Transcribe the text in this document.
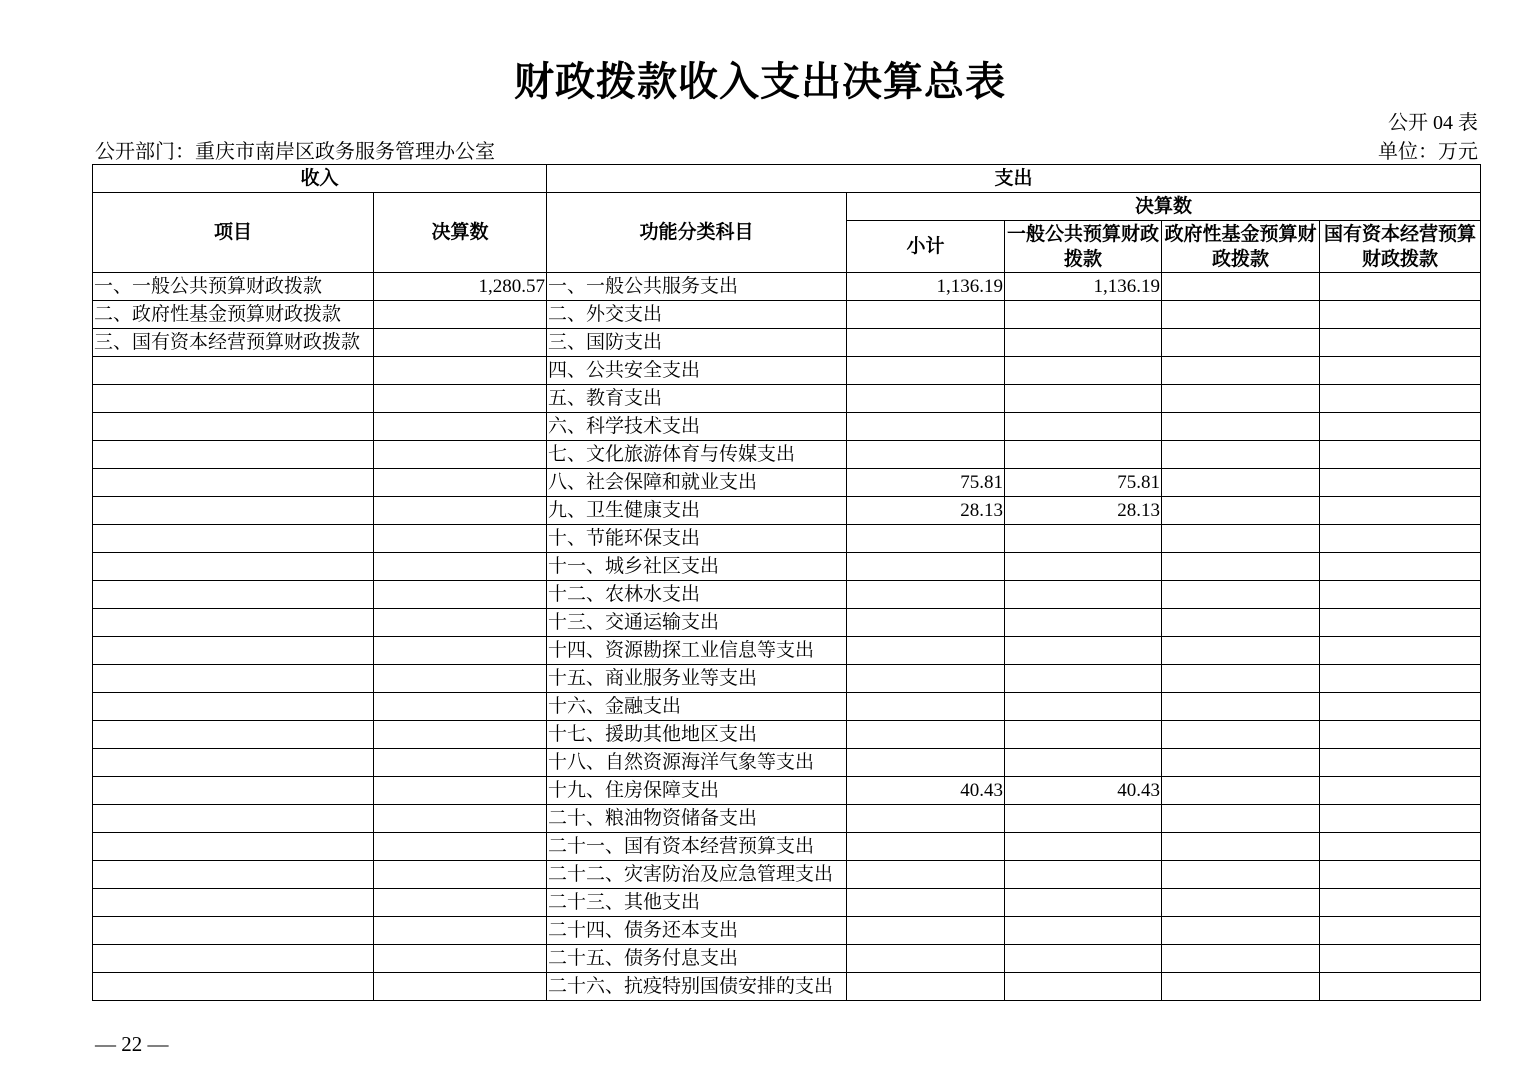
财政拨款收入支出决算总表
公开 04 表
公开部门：重庆市南岸区政务服务管理办公室	单位：万元
收入		支出				
项目	决算数	功能分类科目	决算数			
			小计	一般公共预算财政拨款	政府性基金预算财政拨款	国有资本经营预算财政拨款
一、一般公共预算财政拨款	1,280.57	一、一般公共服务支出	1,136.19	1,136.19		
二、政府性基金预算财政拨款		二、外交支出				
三、国有资本经营预算财政拨款		三、国防支出				
		四、公共安全支出				
		五、教育支出				
		六、科学技术支出				
		七、文化旅游体育与传媒支出				
		八、社会保障和就业支出	75.81	75.81		
		九、卫生健康支出	28.13	28.13		
		十、节能环保支出				
		十一、城乡社区支出				
		十二、农林水支出				
		十三、交通运输支出				
		十四、资源勘探工业信息等支出				
		十五、商业服务业等支出				
		十六、金融支出				
		十七、援助其他地区支出				
		十八、自然资源海洋气象等支出				
		十九、住房保障支出	40.43	40.43		
		二十、粮油物资储备支出				
		二十一、国有资本经营预算支出				
		二十二、灾害防治及应急管理支出				
		二十三、其他支出				
		二十四、债务还本支出				
		二十五、债务付息支出				
		二十六、抗疫特别国债安排的支出				
— 22 —
